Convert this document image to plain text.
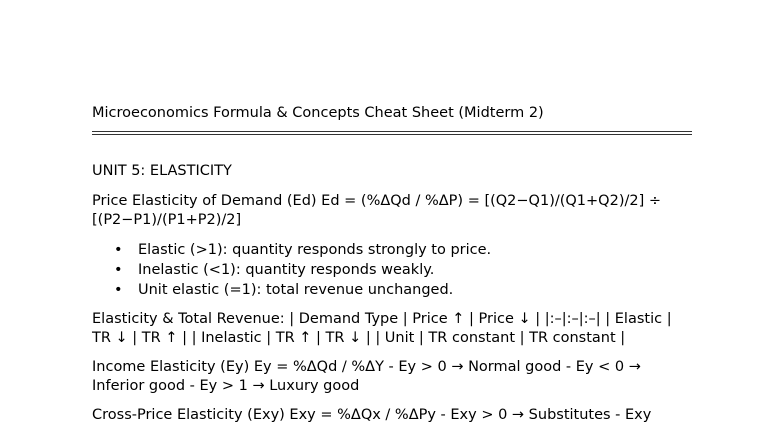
Microeconomics Formula & Concepts Cheat Sheet (Midterm 2)

UNIT 5: ELASTICITY

Price Elasticity of Demand (Ed) Ed = (%ΔQd / %ΔP) = [(Q2−Q1)/(Q1+Q2)/2] ÷ [(P2−P1)/(P1+P2)/2]

• Elastic (>1): quantity responds strongly to price.
• Inelastic (<1): quantity responds weakly.
• Unit elastic (=1): total revenue unchanged.

Elasticity & Total Revenue: | Demand Type | Price ↑ | Price ↓ | |:–|:–|:–| | Elastic | TR ↓ | TR ↑ | | Inelastic | TR ↑ | TR ↓ | | Unit | TR constant | TR constant |

Income Elasticity (Ey) Ey = %ΔQd / %ΔY - Ey > 0 → Normal good - Ey < 0 → Inferior good - Ey > 1 → Luxury good

Cross-Price Elasticity (Exy) Exy = %ΔQx / %ΔPy - Exy > 0 → Substitutes - Exy
